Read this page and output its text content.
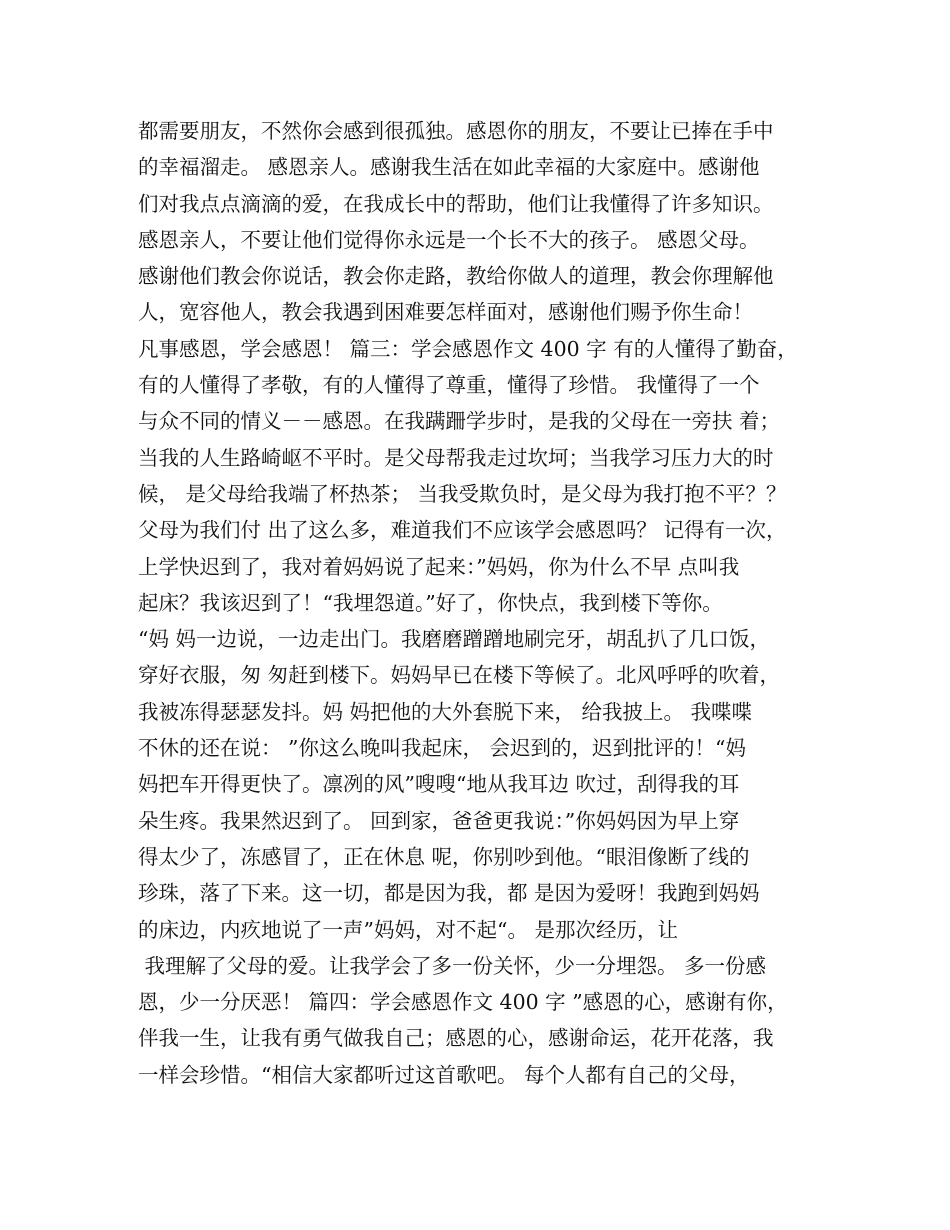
都需要朋友，不然你会感到很孤独。感恩你的朋友，不要让已捧在手中
的幸福溜走。 感恩亲人。感谢我生活在如此幸福的大家庭中。感谢他
们对我点点滴滴的爱，在我成长中的帮助，他们让我懂得了许多知识。
感恩亲人，不要让他们觉得你永远是一个长不大的孩子。 感恩父母。
感谢他们教会你说话，教会你走路，教给你做人的道理，教会你理解他
人，宽容他人，教会我遇到困难要怎样面对，感谢他们赐予你生命！
凡事感恩，学会感恩！ 篇三：学会感恩作文 400 字 有的人懂得了勤奋，
有的人懂得了孝敬，有的人懂得了尊重，懂得了珍惜。 我懂得了一个
与众不同的情义－－感恩。在我蹒跚学步时，是我的父母在一旁扶 着；
当我的人生路崎岖不平时。是父母帮我走过坎坷；当我学习压力大的时
候， 是父母给我端了杯热茶； 当我受欺负时，是父母为我打抱不平？？
父母为我们付 出了这么多，难道我们不应该学会感恩吗？ 记得有一次，
上学快迟到了，我对着妈妈说了起来：”妈妈，你为什么不早 点叫我
起床？我该迟到了！“我埋怨道。”好了，你快点，我到楼下等你。
“妈 妈一边说，一边走出门。我磨磨蹭蹭地刷完牙，胡乱扒了几口饭，
穿好衣服，匆 匆赶到楼下。妈妈早已在楼下等候了。北风呼呼的吹着，
我被冻得瑟瑟发抖。妈 妈把他的大外套脱下来， 给我披上。 我喋喋
不休的还在说： ”你这么晚叫我起床， 会迟到的，迟到批评的！“妈
妈把车开得更快了。凛冽的风”嗖嗖“地从我耳边 吹过，刮得我的耳
朵生疼。我果然迟到了。 回到家，爸爸更我说：”你妈妈因为早上穿
得太少了，冻感冒了，正在休息 呢，你别吵到他。“眼泪像断了线的
珍珠，落了下来。这一切，都是因为我，都 是因为爱呀！我跑到妈妈
的床边，内疚地说了一声”妈妈，对不起“。 是那次经历，让
我理解了父母的爱。让我学会了多一份关怀，少一分埋怨。 多一份感
恩，少一分厌恶！ 篇四：学会感恩作文 400 字 ”感恩的心，感谢有你，
伴我一生，让我有勇气做我自己；感恩的心，感谢命运，花开花落，我
一样会珍惜。“相信大家都听过这首歌吧。 每个人都有自己的父母，
